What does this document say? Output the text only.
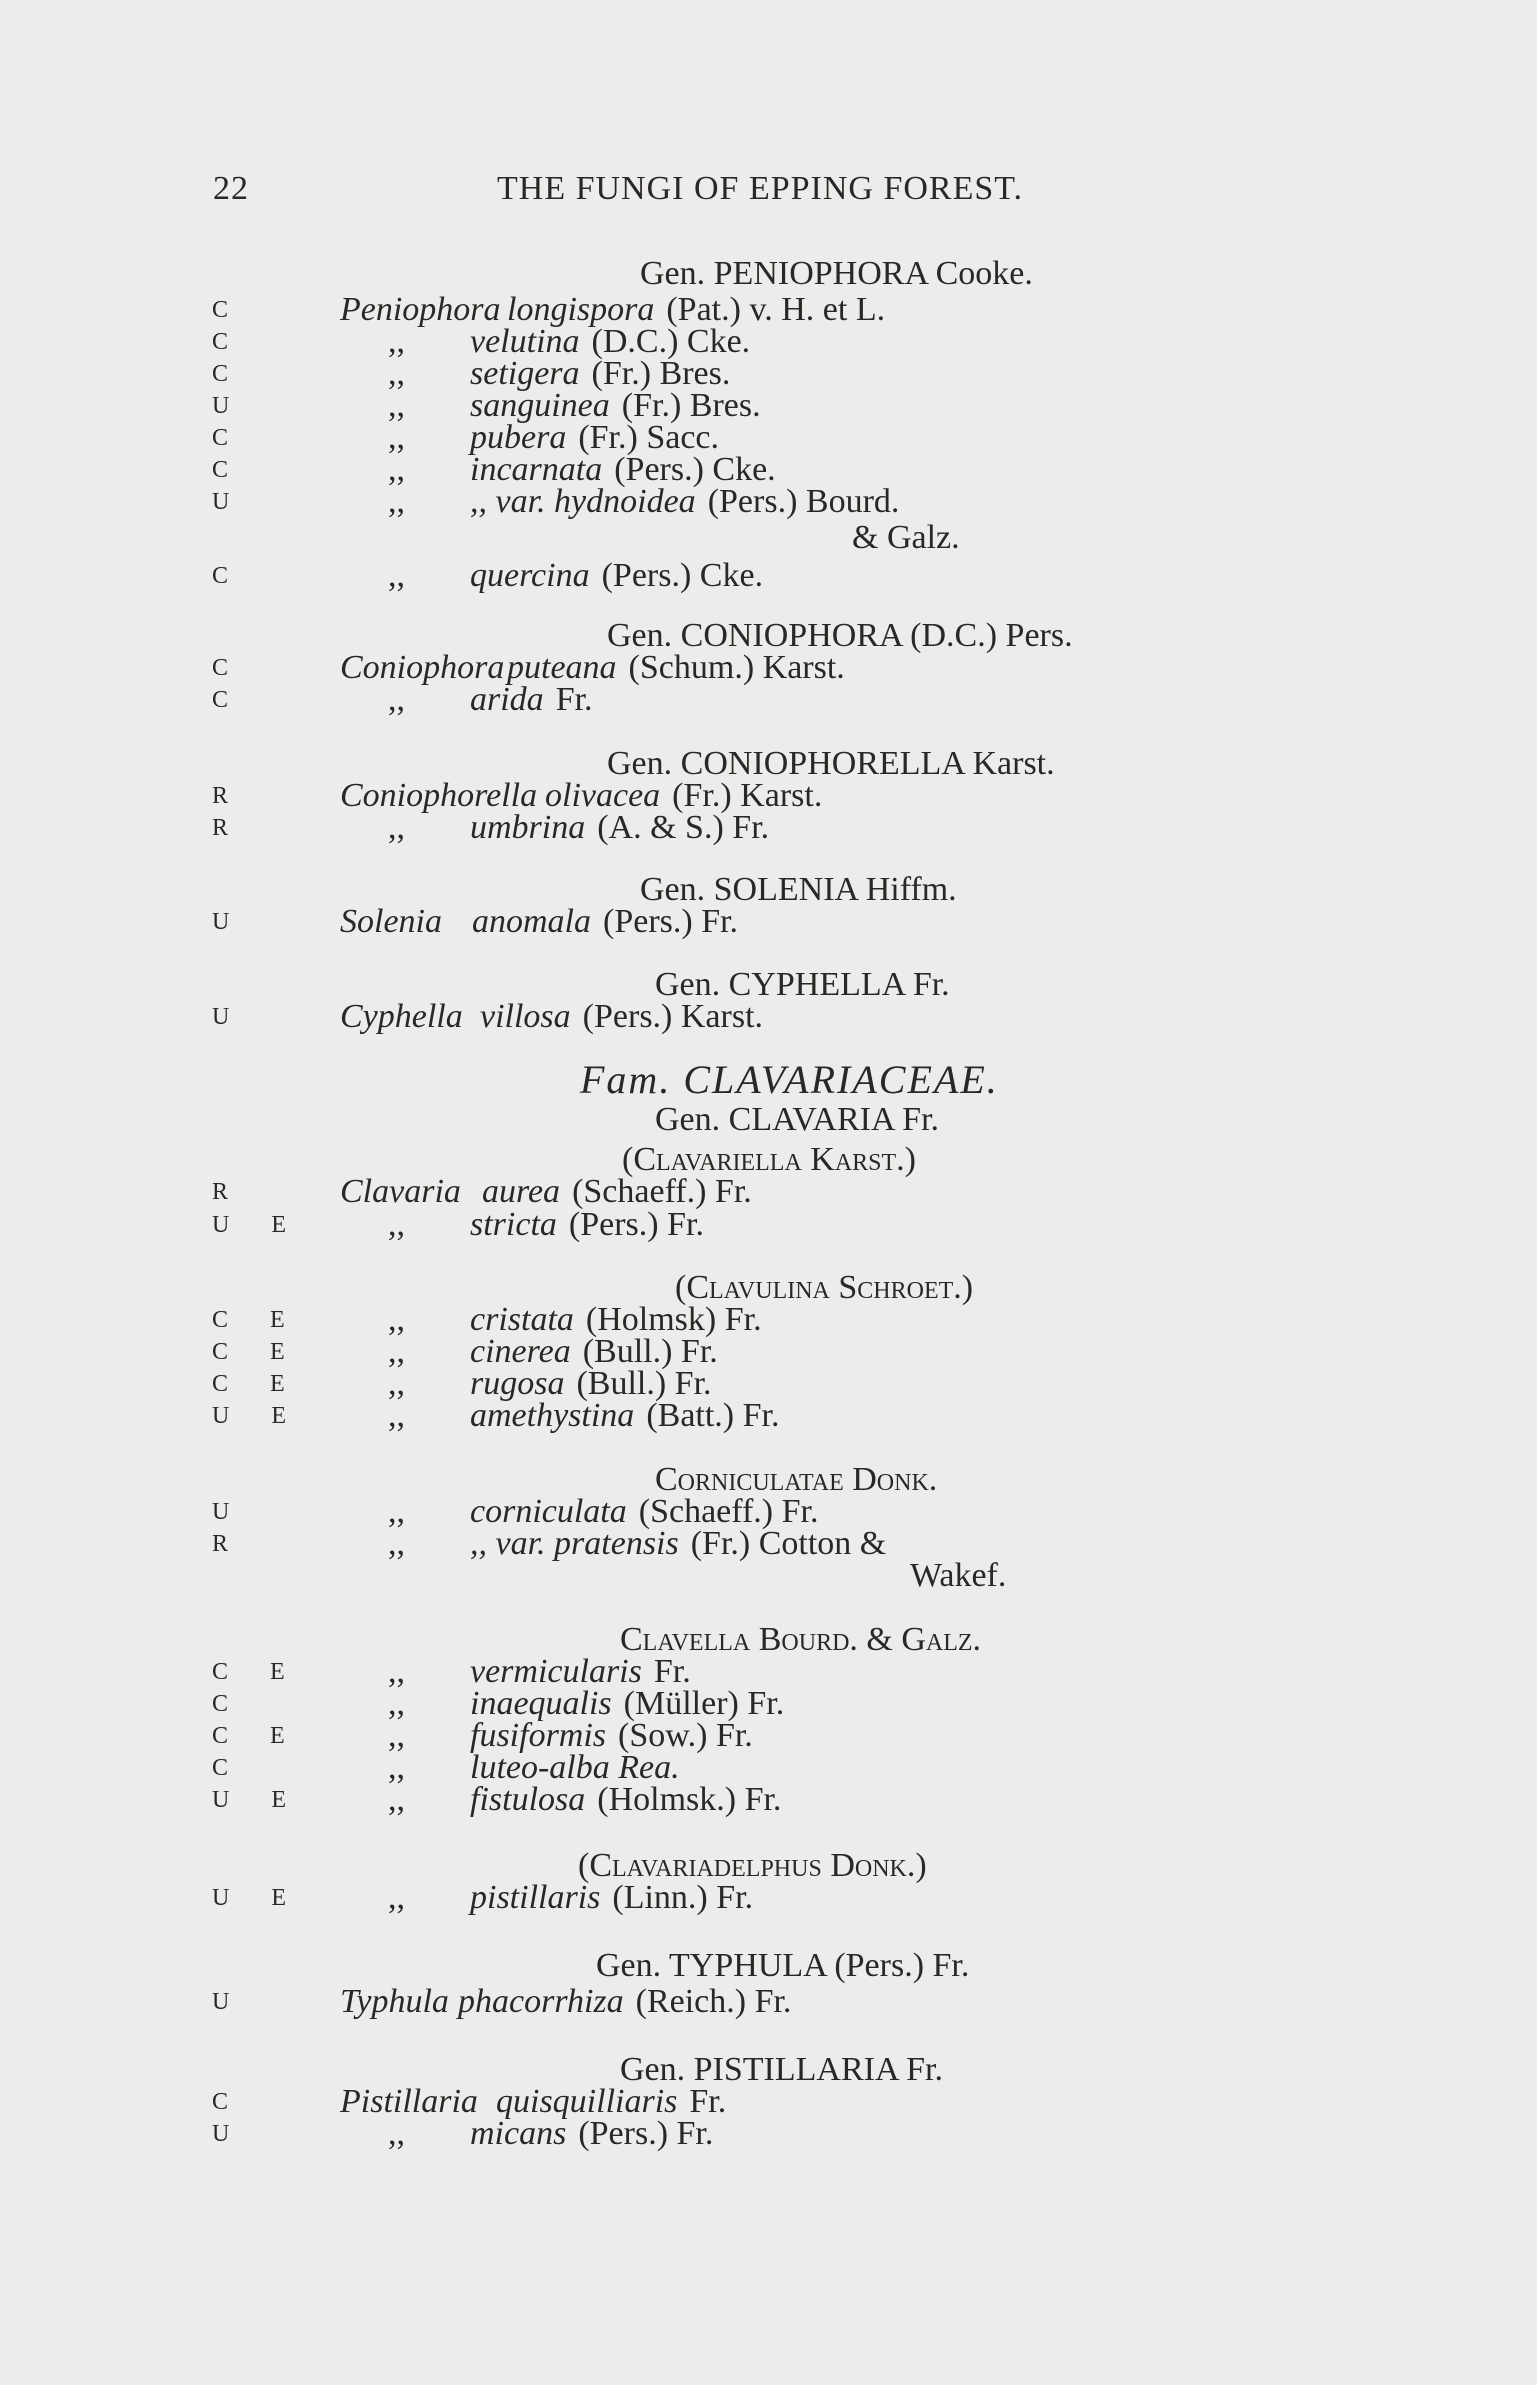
22	THE FUNGI OF EPPING FOREST.
Gen. PENIOPHORA Cooke.
C	Peniophora longispora (Pat.) v. H. et L.
C	,, velutina (D.C.) Cke.
C	,, setigera (Fr.) Bres.
U	,, sanguinea (Fr.) Bres.
C	,, pubera (Fr.) Sacc.
C	,, incarnata (Pers.) Cke.
U	,, ,, var. hydnoidea (Pers.) Bourd.
& Galz.
C	,, quercina (Pers.) Cke.
Gen. CONIOPHORA (D.C.) Pers.
C	Coniophora puteana (Schum.) Karst.
C	,, arida Fr.
Gen. CONIOPHORELLA Karst.
R	Coniophorella olivacea (Fr.) Karst.
R	,, umbrina (A. & S.) Fr.
Gen. SOLENIA Hiffm.
U	Solenia anomala (Pers.) Fr.
Gen. CYPHELLA Fr.
U	Cyphella villosa (Pers.) Karst.
Fam. CLAVARIACEAE.
Gen. CLAVARIA Fr.
(Clavariella Karst.)
R	Clavaria aurea (Schaeff.) Fr.
U E ,, stricta (Pers.) Fr.
(Clavulina Schroet.)
C E	,, cristata (Holmsk) Fr.
C E	,, cinerea (Bull.) Fr.
C E	,, rugosa (Bull.) Fr.
U E ,, amethystina (Batt.) Fr.
Corniculatae Donk.
U	,, corniculata (Schaeff.) Fr.
R	,, ,, var. pratensis (Fr.) Cotton &
Wakef.
Clavella Bourd. & Galz.
C E	,, vermicularis Fr.
C	,, inaequalis (Müller) Fr.
C E	,, fusiformis (Sow.) Fr.
C	,, luteo-alba Rea.
U E ,, fistulosa (Holmsk.) Fr.
(Clavariadelphus Donk.)
U E ,, pistillaris (Linn.) Fr.
Gen. TYPHULA (Pers.) Fr.
U	Typhula phacorrhiza (Reich.) Fr.
Gen. PISTILLARIA Fr.
C	Pistillaria quisquilliaris Fr.
U	,, micans (Pers.) Fr.
